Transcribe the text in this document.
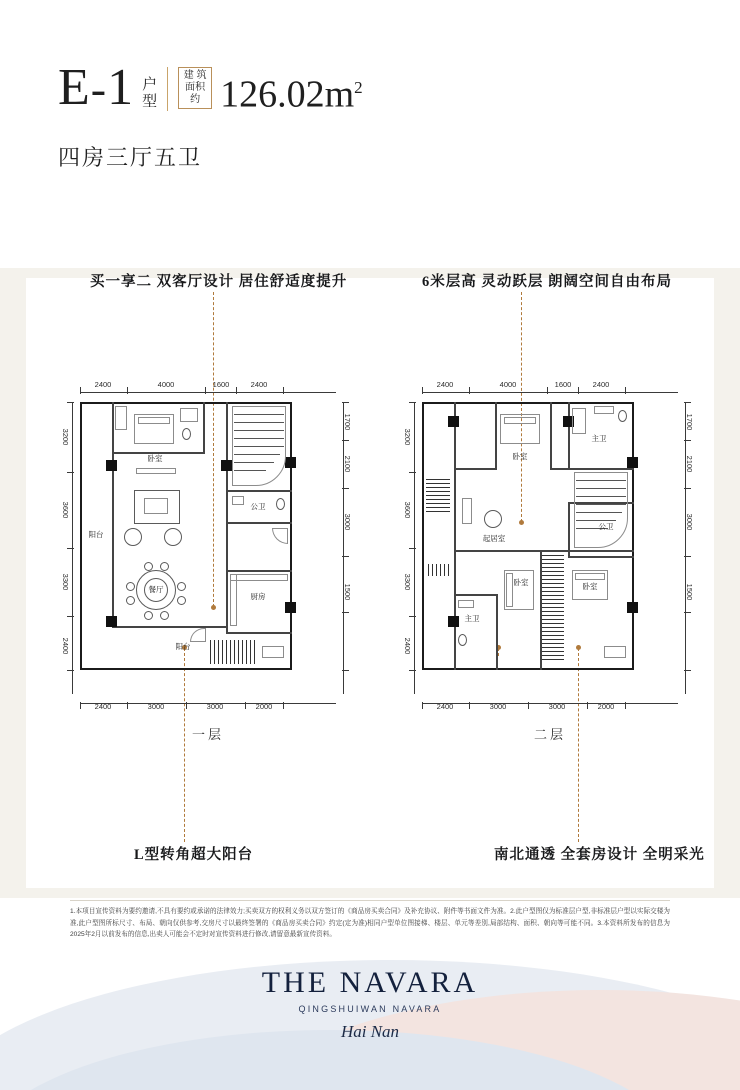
E-1 户
型
建 筑
面积约 $126.02m^2$
四房三厅五卫
买一享二 双客厅设计 居住舒适度提升	6米层高 灵动跃层 朗阔空间自由布局
L型转角超大阳台	南北通透 全套房设计 全明采光
2400	4000	1600	2400
2400	3000	3000	2000
3200
3600
3300
2400
1700
2100
3000
1500
阳台
卧室
餐厅
公卫
厨房
阳台
一层
2400	4000	1600	2400
2400	3000	3000	2000
3200
3600
3300
2400
1700
2100
3000
1500
卧室
主卫
起居室
公卫
卧室	卧室
主卫
二层
1.本项目宣传资料为要约邀请,不具有要约或承诺的法律效力;买卖双方的权利义务以双方签订的《商品房买卖合同》及补充协议、附件等书面文件为准。2.此户型图仅为标准层户型,非标准层户型以实际交楼为准,此户型图所标尺寸、布局、朝向仅供参考,交房尺寸以最终签署的《商品房买卖合同》约定(定为准)相同户型单位图接梯、楼层、单元等差别,局部结构、面积、朝向等可能不同。3.本资料所发布的信息为2025年2月以前发布的信息,出卖人可能会不定时对宣传资料进行修改,请留意最新宣传资料。
THE NAVARA
QINGSHUIWAN NAVARA
Hai Nan
